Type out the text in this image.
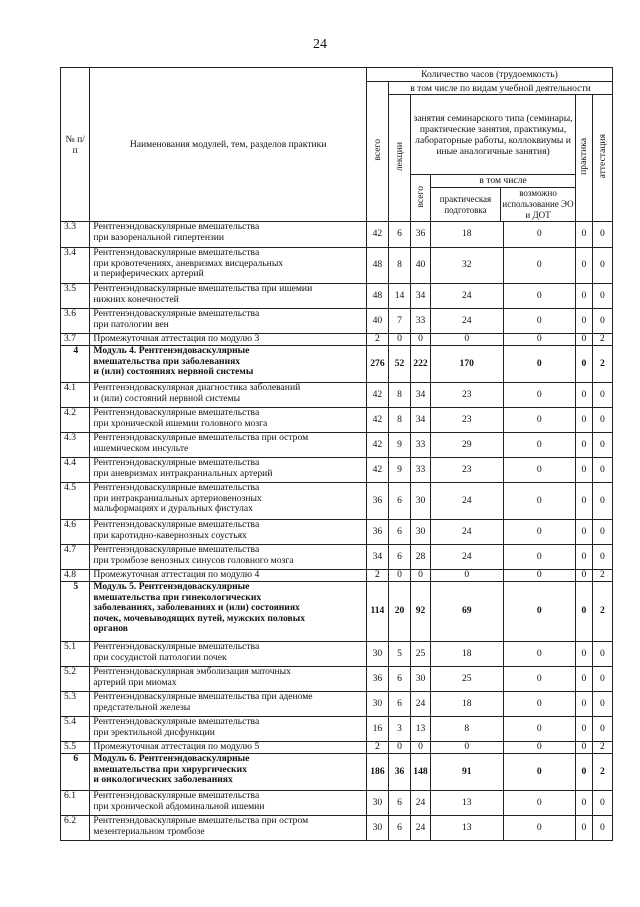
24
№ п/п	Наименования модулей, тем, разделов практики	Количество часов (трудоемкость)						
		всего	в том числе по видам учебной деятельности					
			лекции	занятия семинарского типа (семинары, практические занятия, практикумы, лабораторные работы, коллоквиумы и иные аналогичные занятия)			практика	аттестация
				всего	в том числе
практическая подготовка
возможно использование ЭО и ДОТ			

3.3	Рентгенэндоваскулярные вмешательства
при вазоренальной гипертензии	42	6	36	18	0	0	0
3.4	Рентгенэндоваскулярные вмешательства
при кровотечениях, аневризмах висцеральных
и периферических артерий	48	8	40	32	0	0	0
3.5	Рентгенэндоваскулярные вмешательства при ишемии
нижних конечностей	48	14	34	24	0	0	0
3.6	Рентгенэндоваскулярные вмешательства
при патологии вен	40	7	33	24	0	0	0
3.7	Промежуточная аттестация по модулю 3	2	0	0	0	0	0	2
4	Модуль 4. Рентгенэндоваскулярные
вмешательства при заболеваниях
и (или) состояниях нервной системы	276	52	222	170	0	0	2
4.1	Рентгенэндоваскулярная диагностика заболеваний
и (или) состояний нервной системы	42	8	34	23	0	0	0
4.2	Рентгенэндоваскулярные вмешательства
при хронической ишемии головного мозга	42	8	34	23	0	0	0
4.3	Рентгенэндоваскулярные вмешательства при остром
ишемическом инсульте	42	9	33	29	0	0	0
4.4	Рентгенэндоваскулярные вмешательства
при аневризмах интракраниальных артерий	42	9	33	23	0	0	0
4.5	Рентгенэндоваскулярные вмешательства
при интракраниальных артериовенозных
мальформациях и дуральных фистулах	36	6	30	24	0	0	0
4.6	Рентгенэндоваскулярные вмешательства
при каротидно-кавернозных соустьях	36	6	30	24	0	0	0
4.7	Рентгенэндоваскулярные вмешательства
при тромбозе венозных синусов головного мозга	34	6	28	24	0	0	0
4.8	Промежуточная аттестация по модулю 4	2	0	0	0	0	0	2
5	Модуль 5. Рентгенэндоваскулярные
вмешательства при гинекологических
заболеваниях, заболеваниях и (или) состояниях
почек, мочевыводящих путей, мужских половых
органов	114	20	92	69	0	0	2
5.1	Рентгенэндоваскулярные вмешательства
при сосудистой патологии почек	30	5	25	18	0	0	0
5.2	Рентгенэндоваскулярная эмболизация маточных
артерий при миомах	36	6	30	25	0	0	0
5.3	Рентгенэндоваскулярные вмешательства при аденоме
предстательной железы	30	6	24	18	0	0	0
5.4	Рентгенэндоваскулярные вмешательства
при эректильной дисфункции	16	3	13	8	0	0	0
5.5	Промежуточная аттестация по модулю 5	2	0	0	0	0	0	2
6	Модуль 6. Рентгенэндоваскулярные
вмешательства при хирургических
и онкологических заболеваниях	186	36	148	91	0	0	2
6.1	Рентгенэндоваскулярные вмешательства
при хронической абдоминальной ишемии	30	6	24	13	0	0	0
6.2	Рентгенэндоваскулярные вмешательства при остром
мезентериальном тромбозе	30	6	24	13	0	0	0
